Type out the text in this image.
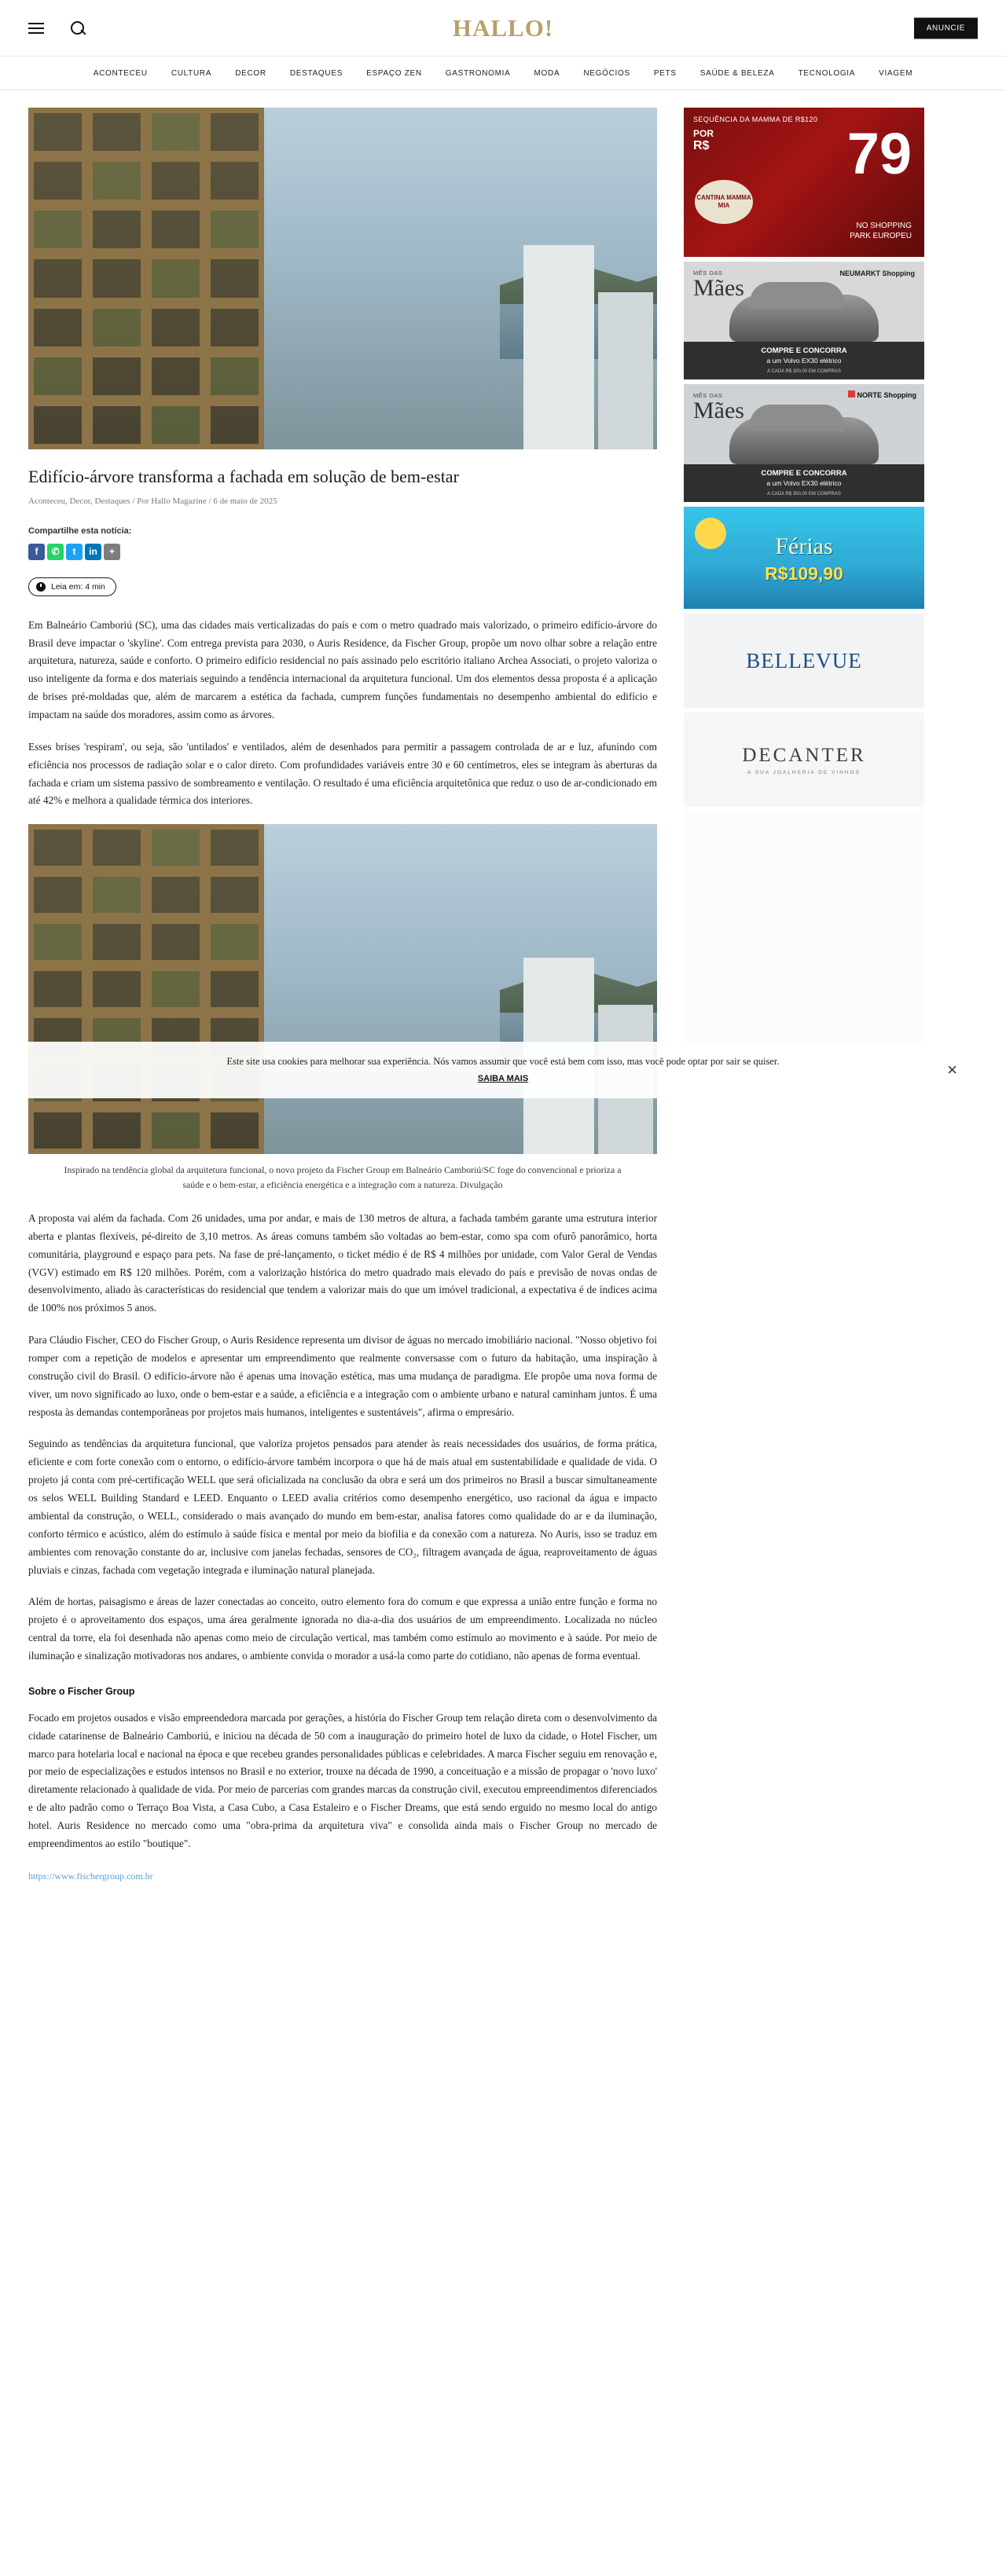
HALLO!	ANUNCIE
ACONTECEU	CULTURA	DECOR	DESTAQUES	ESPAÇO ZEN	GASTRONOMIA	MODA	NEGÓCIOS	PETS	SAÚDE & BELEZA	TECNOLOGIA	VIAGEM
Edifício-árvore transforma a fachada em solução de bem-estar
Aconteceu, Decor, Destaques / Por Hallo Magazine / 6 de maio de 2025
Compartilhe esta notícia:
f	✆	t	in	+
Leia em: 4 min

Em Balneário Camboriú (SC), uma das cidades mais verticalizadas do país e com o metro quadrado mais valorizado, o primeiro edifício-árvore do Brasil deve impactar o 'skyline'. Com entrega prevista para 2030, o Auris Residence, da Fischer Group, propõe um novo olhar sobre a relação entre arquitetura, natureza, saúde e conforto. O primeiro edifício residencial no país assinado pelo escritório italiano Archea Associati, o projeto valoriza o uso inteligente da forma e dos materiais seguindo a tendência internacional da arquitetura funcional. Um dos elementos dessa proposta é a aplicação de brises pré-moldadas que, além de marcarem a estética da fachada, cumprem funções fundamentais no desempenho ambiental do edifício e impactam na saúde dos moradores, assim como as árvores.

Esses brises 'respiram', ou seja, são 'untilados' e ventilados, além de desenhados para permitir a passagem controlada de ar e luz, afunindo com eficiência nos processos de radiação solar e o calor direto. Com profundidades variáveis entre 30 e 60 centímetros, eles se integram às aberturas da fachada e criam um sistema passivo de sombreamento e ventilação. O resultado é uma eficiência arquitetônica que reduz o uso de ar-condicionado em até 42% e melhora a qualidade térmica dos interiores.

Inspirado na tendência global da arquitetura funcional, o novo projeto da Fischer Group em Balneário Camboriú/SC foge do convencional e prioriza a saúde e o bem-estar, a eficiência energética e a integração com a natureza. Divulgação

A proposta vai além da fachada. Com 26 unidades, uma por andar, e mais de 130 metros de altura, a fachada também garante uma estrutura interior aberta e plantas flexíveis, pé-direito de 3,10 metros. As áreas comuns também são voltadas ao bem-estar, como spa com ofurô panorâmico, horta comunitária, playground e espaço para pets. Na fase de pré-lançamento, o ticket médio é de R$ 4 milhões por unidade, com Valor Geral de Vendas (VGV) estimado em R$ 120 milhões. Porém, com a valorização histórica do metro quadrado mais elevado do país e previsão de novas ondas de desenvolvimento, aliado às características do residencial que tendem a valorizar mais do que um imóvel tradicional, a expectativa é de índices acima de 100% nos próximos 5 anos.

Para Cláudio Fischer, CEO do Fischer Group, o Auris Residence representa um divisor de águas no mercado imobiliário nacional. "Nosso objetivo foi romper com a repetição de modelos e apresentar um empreendimento que realmente conversasse com o futuro da habitação, uma inspiração à construção civil do Brasil. O edifício-árvore não é apenas uma inovação estética, mas uma mudança de paradigma. Ele propõe uma nova forma de viver, um novo significado ao luxo, onde o bem-estar e a saúde, a eficiência e a integração com o ambiente urbano e natural caminham juntos. É uma resposta às demandas contemporâneas por projetos mais humanos, inteligentes e sustentáveis", afirma o empresário.

Seguindo as tendências da arquitetura funcional, que valoriza projetos pensados para atender às reais necessidades dos usuários, de forma prática, eficiente e com forte conexão com o entorno, o edifício-árvore também incorpora o que há de mais atual em sustentabilidade e qualidade de vida. O projeto já conta com pré-certificação WELL que será oficializada na conclusão da obra e será um dos primeiros no Brasil a buscar simultaneamente os selos WELL Building Standard e LEED. Enquanto o LEED avalia critérios como desempenho energético, uso racional da água e impacto ambiental da construção, o WELL, considerado o mais avançado do mundo em bem-estar, analisa fatores como qualidade do ar e da iluminação, conforto térmico e acústico, além do estímulo à saúde física e mental por meio da biofilia e da conexão com a natureza. No Auris, isso se traduz em ambientes com renovação constante do ar, inclusive com janelas fechadas, sensores de CO₂, filtragem avançada de água, reaproveitamento de águas pluviais e cinzas, fachada com vegetação integrada e iluminação natural planejada.

Além de hortas, paisagismo e áreas de lazer conectadas ao conceito, outro elemento fora do comum e que expressa a união entre função e forma no projeto é o aproveitamento dos espaços, uma área geralmente ignorada no dia-a-dia dos usuários de um empreendimento. Localizada no núcleo central da torre, ela foi desenhada não apenas como meio de circulação vertical, mas também como estímulo ao movimento e à saúde. Por meio de iluminação e sinalização motivadoras nos andares, o ambiente convida o morador a usá-la como parte do cotidiano, não apenas de forma eventual.

Sobre o Fischer Group

Focado em projetos ousados e visão empreendedora marcada por gerações, a história do Fischer Group tem relação direta com o desenvolvimento da cidade catarinense de Balneário Camboriú, e iniciou na década de 50 com a inauguração do primeiro hotel de luxo da cidade, o Hotel Fischer, um marco para hotelaria local e nacional na época e que recebeu grandes personalidades públicas e celebridades. A marca Fischer seguiu em renovação e, por meio de especializações e estudos intensos no Brasil e no exterior, trouxe na década de 1990, a conceituação e a missão de propagar o 'novo luxo' diretamente relacionado à qualidade de vida. Por meio de parcerias com grandes marcas da construção civil, executou empreendimentos diferenciados e de alto padrão como o Terraço Boa Vista, a Casa Cubo, a Casa Estaleiro e o Fischer Dreams, que está sendo erguido no mesmo local do antigo hotel. Auris Residence no mercado como uma "obra-prima da arquitetura viva" e consolida ainda mais o Fischer Group no mercado de empreendimentos ao estilo "boutique".

https://www.fischergroup.com.br
SEQUÊNCIA DA MAMMA DE R$120
POR
R$	79
CANTINA MAMMA MIA
NO SHOPPING
PARK EUROPEU
MÊS DAS
Mães
NEUMARKT Shopping
COMPRE E CONCORRA
a um Volvo EX30 elétrico
A CADA R$ 300,00 EM COMPRAS
MÊS DAS
Mães
NORTE Shopping
COMPRE E CONCORRA
a um Volvo EX30 elétrico
A CADA R$ 300,00 EM COMPRAS
Férias
R$109,90
BELLEVUE
DECANTER
A SUA JOALHERIA DE VINHOS
Este site usa cookies para melhorar sua experiência. Nós vamos assumir que você está bem com isso, mas você pode optar por sair se quiser.
SAIBA MAIS	×
